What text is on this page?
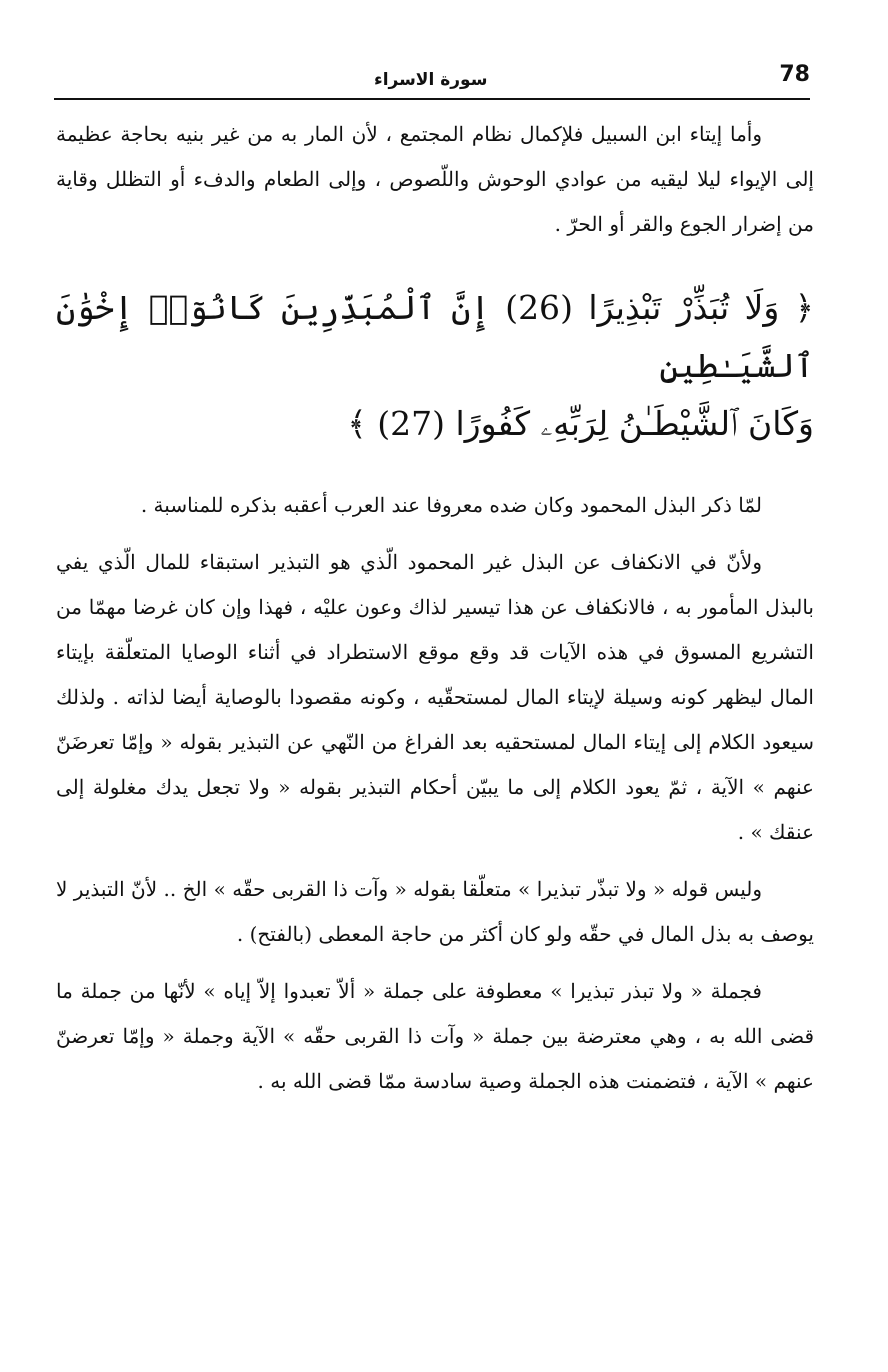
78
سورة الاسراء

وأما إيتاء ابن السبيل فلإكمال نظام المجتمع ، لأن المار به من غير بنيه بحاجة عظيمة إلى الإيواء ليلا ليقيه من عوادي الوحوش واللّصوص ، وإلى الطعام والدفء أو التظلل وقاية من إضرار الجوع والقر أو الحرّ .

﴿ وَلَا تُبَذِّرْ تَبْذِيرًا (26) إِنَّ ٱلْمُبَذِّرِينَ كَانُوٓا۟ إِخْوَٰنَ ٱلشَّيَـٰطِينِ
وَكَانَ ٱلشَّيْطَـٰنُ لِرَبِّهِۦ كَفُورًا (27) ﴾

لمّا ذكر البذل المحمود وكان ضده معروفا عند العرب أعقبه بذكره للمناسبة .

ولأنّ في الانكفاف عن البذل غير المحمود الّذي هو التبذير استبقاء للمال الّذي يفي بالبذل المأمور به ، فالانكفاف عن هذا تيسير لذاك وعون عليْه ، فهذا وإن كان غرضا مهمّا من التشريع المسوق في هذه الآيات قد وقع موقع الاستطراد في أثناء الوصايا المتعلّقة بإيتاء المال ليظهر كونه وسيلة لإيتاء المال لمستحقّيه ، وكونه مقصودا بالوصاية أيضا لذاته . ولذلك سيعود الكلام إلى إيتاء المال لمستحقيه بعد الفراغ من النّهي عن التبذير بقوله « وإمّا تعرضَنّ عنهم » الآية ، ثمّ يعود الكلام إلى ما يبيّن أحكام التبذير بقوله « ولا تجعل يدك مغلولة إلى عنقك » .

وليس قوله « ولا تبذّر تبذيرا » متعلّقا بقوله « وآت ذا القربى حقّه » الخ .. لأنّ التبذير لا يوصف به بذل المال في حقّه ولو كان أكثر من حاجة المعطى (بالفتح) .

فجملة « ولا تبذر تبذيرا » معطوفة على جملة « ألاّ تعبدوا إلاّ إياه » لأنّها من جملة ما قضى الله به ، وهي معترضة بين جملة « وآت ذا القربى حقّه » الآية وجملة « وإمّا تعرضنّ عنهم » الآية ، فتضمنت هذه الجملة وصية سادسة ممّا قضى الله به .
